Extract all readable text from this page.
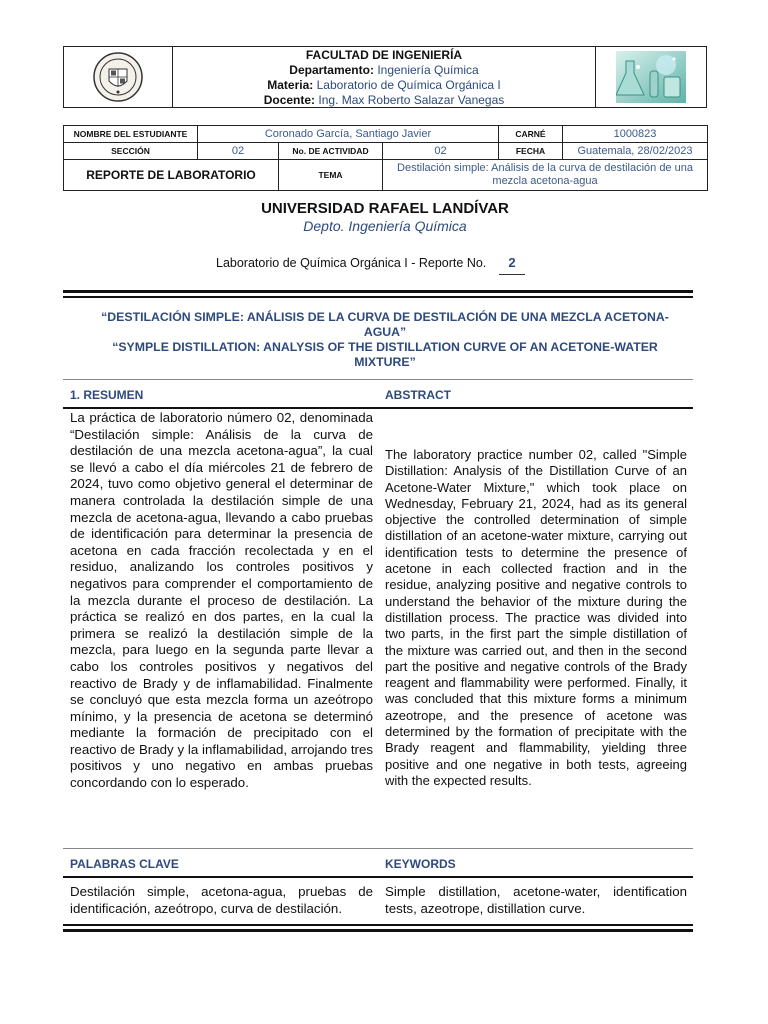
FACULTAD DE INGENIERÍA
Departamento: Ingeniería Química
Materia: Laboratorio de Química Orgánica I
Docente: Ing. Max Roberto Salazar Vanegas
NOMBRE DEL ESTUDIANTE	Coronado García, Santiago Javier			CARNÉ	1000823
SECCIÓN	02	No. DE ACTIVIDAD	02	FECHA	Guatemala, 28/02/2023
REPORTE DE LABORATORIO		TEMA	Destilación simple: Análisis de la curva de destilación de una mezcla acetona-agua		
UNIVERSIDAD RAFAEL LANDÍVAR
Depto. Ingeniería Química
Laboratorio de Química Orgánica I - Reporte No.	2
“DESTILACIÓN SIMPLE: ANÁLISIS DE LA CURVA DE DESTILACIÓN DE UNA MEZCLA ACETONA-
AGUA”
“SYMPLE DISTILLATION: ANALYSIS OF THE DISTILLATION CURVE OF AN ACETONE-WATER
MIXTURE”
1. RESUMEN	ABSTRACT
La práctica de laboratorio número 02, denominada “Destilación simple: Análisis de la curva de destilación de una mezcla acetona-agua”, la cual se llevó a cabo el día miércoles 21 de febrero de 2024, tuvo como objetivo general el determinar de manera controlada la destilación simple de una mezcla de acetona-agua, llevando a cabo pruebas de identificación para determinar la presencia de acetona en cada fracción recolectada y en el residuo, analizando los controles positivos y negativos para comprender el comportamiento de la mezcla durante el proceso de destilación. La práctica se realizó en dos partes, en la cual la primera se realizó la destilación simple de la mezcla, para luego en la segunda parte llevar a cabo los controles positivos y negativos del reactivo de Brady y de inflamabilidad. Finalmente se concluyó que esta mezcla forma un azeótropo mínimo, y la presencia de acetona se determinó mediante la formación de precipitado con el reactivo de Brady y la inflamabilidad, arrojando tres positivos y uno negativo en ambas pruebas concordando con lo esperado.
The laboratory practice number 02, called "Simple Distillation: Analysis of the Distillation Curve of an Acetone-Water Mixture," which took place on Wednesday, February 21, 2024, had as its general objective the controlled determination of simple distillation of an acetone-water mixture, carrying out identification tests to determine the presence of acetone in each collected fraction and in the residue, analyzing positive and negative controls to understand the behavior of the mixture during the distillation process. The practice was divided into two parts, in the first part the simple distillation of the mixture was carried out, and then in the second part the positive and negative controls of the Brady reagent and flammability were performed. Finally, it was concluded that this mixture forms a minimum azeotrope, and the presence of acetone was determined by the formation of precipitate with the Brady reagent and flammability, yielding three positive and one negative in both tests, agreeing with the expected results.
PALABRAS CLAVE	KEYWORDS
Destilación simple, acetona-agua, pruebas de identificación, azeótropo, curva de destilación.
Simple distillation, acetone-water, identification tests, azeotrope, distillation curve.
